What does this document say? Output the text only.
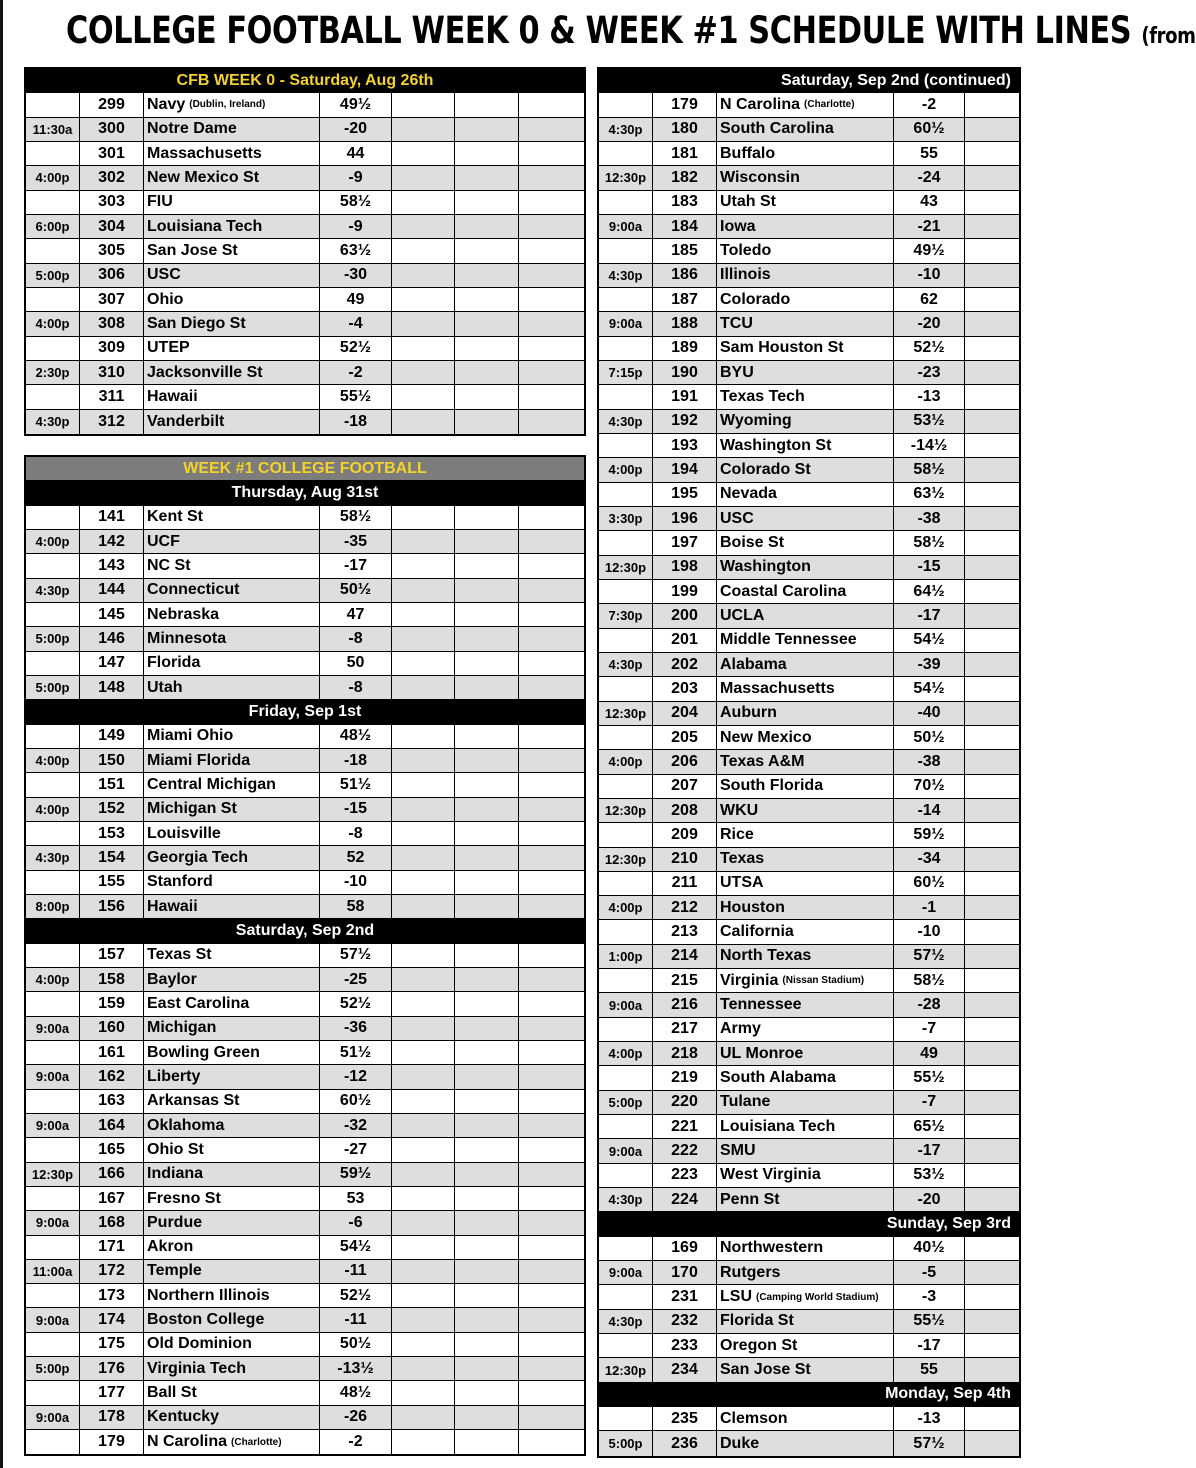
COLLEGE FOOTBALL WEEK 0 & WEEK #1 SCHEDULE WITH LINES (from
CFB WEEK 0 - Saturday, Aug 26th
299	Navy (Dublin, Ireland)	49½
11:30a	300	Notre Dame	-20
301	Massachusetts	44
4:00p	302	New Mexico St	-9
303	FIU	58½
6:00p	304	Louisiana Tech	-9
305	San Jose St	63½
5:00p	306	USC	-30
307	Ohio	49
4:00p	308	San Diego St	-4
309	UTEP	52½
2:30p	310	Jacksonville St	-2
311	Hawaii	55½
4:30p	312	Vanderbilt	-18
WEEK #1 COLLEGE FOOTBALL
Thursday, Aug 31st
141	Kent St	58½
4:00p	142	UCF	-35
143	NC St	-17
4:30p	144	Connecticut	50½
145	Nebraska	47
5:00p	146	Minnesota	-8
147	Florida	50
5:00p	148	Utah	-8
Friday, Sep 1st
149	Miami Ohio	48½
4:00p	150	Miami Florida	-18
151	Central Michigan	51½
4:00p	152	Michigan St	-15
153	Louisville	-8
4:30p	154	Georgia Tech	52
155	Stanford	-10
8:00p	156	Hawaii	58
Saturday, Sep 2nd
157	Texas St	57½
4:00p	158	Baylor	-25
159	East Carolina	52½
9:00a	160	Michigan	-36
161	Bowling Green	51½
9:00a	162	Liberty	-12
163	Arkansas St	60½
9:00a	164	Oklahoma	-32
165	Ohio St	-27
12:30p	166	Indiana	59½
167	Fresno St	53
9:00a	168	Purdue	-6
171	Akron	54½
11:00a	172	Temple	-11
173	Northern Illinois	52½
9:00a	174	Boston College	-11
175	Old Dominion	50½
5:00p	176	Virginia Tech	-13½
177	Ball St	48½
9:00a	178	Kentucky	-26
179	N Carolina (Charlotte)	-2
Saturday, Sep 2nd (continued)
179	N Carolina (Charlotte)	-2
4:30p	180	South Carolina	60½
181	Buffalo	55
12:30p	182	Wisconsin	-24
183	Utah St	43
9:00a	184	Iowa	-21
185	Toledo	49½
4:30p	186	Illinois	-10
187	Colorado	62
9:00a	188	TCU	-20
189	Sam Houston St	52½
7:15p	190	BYU	-23
191	Texas Tech	-13
4:30p	192	Wyoming	53½
193	Washington St	-14½
4:00p	194	Colorado St	58½
195	Nevada	63½
3:30p	196	USC	-38
197	Boise St	58½
12:30p	198	Washington	-15
199	Coastal Carolina	64½
7:30p	200	UCLA	-17
201	Middle Tennessee	54½
4:30p	202	Alabama	-39
203	Massachusetts	54½
12:30p	204	Auburn	-40
205	New Mexico	50½
4:00p	206	Texas A&M	-38
207	South Florida	70½
12:30p	208	WKU	-14
209	Rice	59½
12:30p	210	Texas	-34
211	UTSA	60½
4:00p	212	Houston	-1
213	California	-10
1:00p	214	North Texas	57½
215	Virginia (Nissan Stadium)	58½
9:00a	216	Tennessee	-28
217	Army	-7
4:00p	218	UL Monroe	49
219	South Alabama	55½
5:00p	220	Tulane	-7
221	Louisiana Tech	65½
9:00a	222	SMU	-17
223	West Virginia	53½
4:30p	224	Penn St	-20
Sunday, Sep 3rd
169	Northwestern	40½
9:00a	170	Rutgers	-5
231	LSU (Camping World Stadium)	-3
4:30p	232	Florida St	55½
233	Oregon St	-17
12:30p	234	San Jose St	55
Monday, Sep 4th
235	Clemson	-13
5:00p	236	Duke	57½
